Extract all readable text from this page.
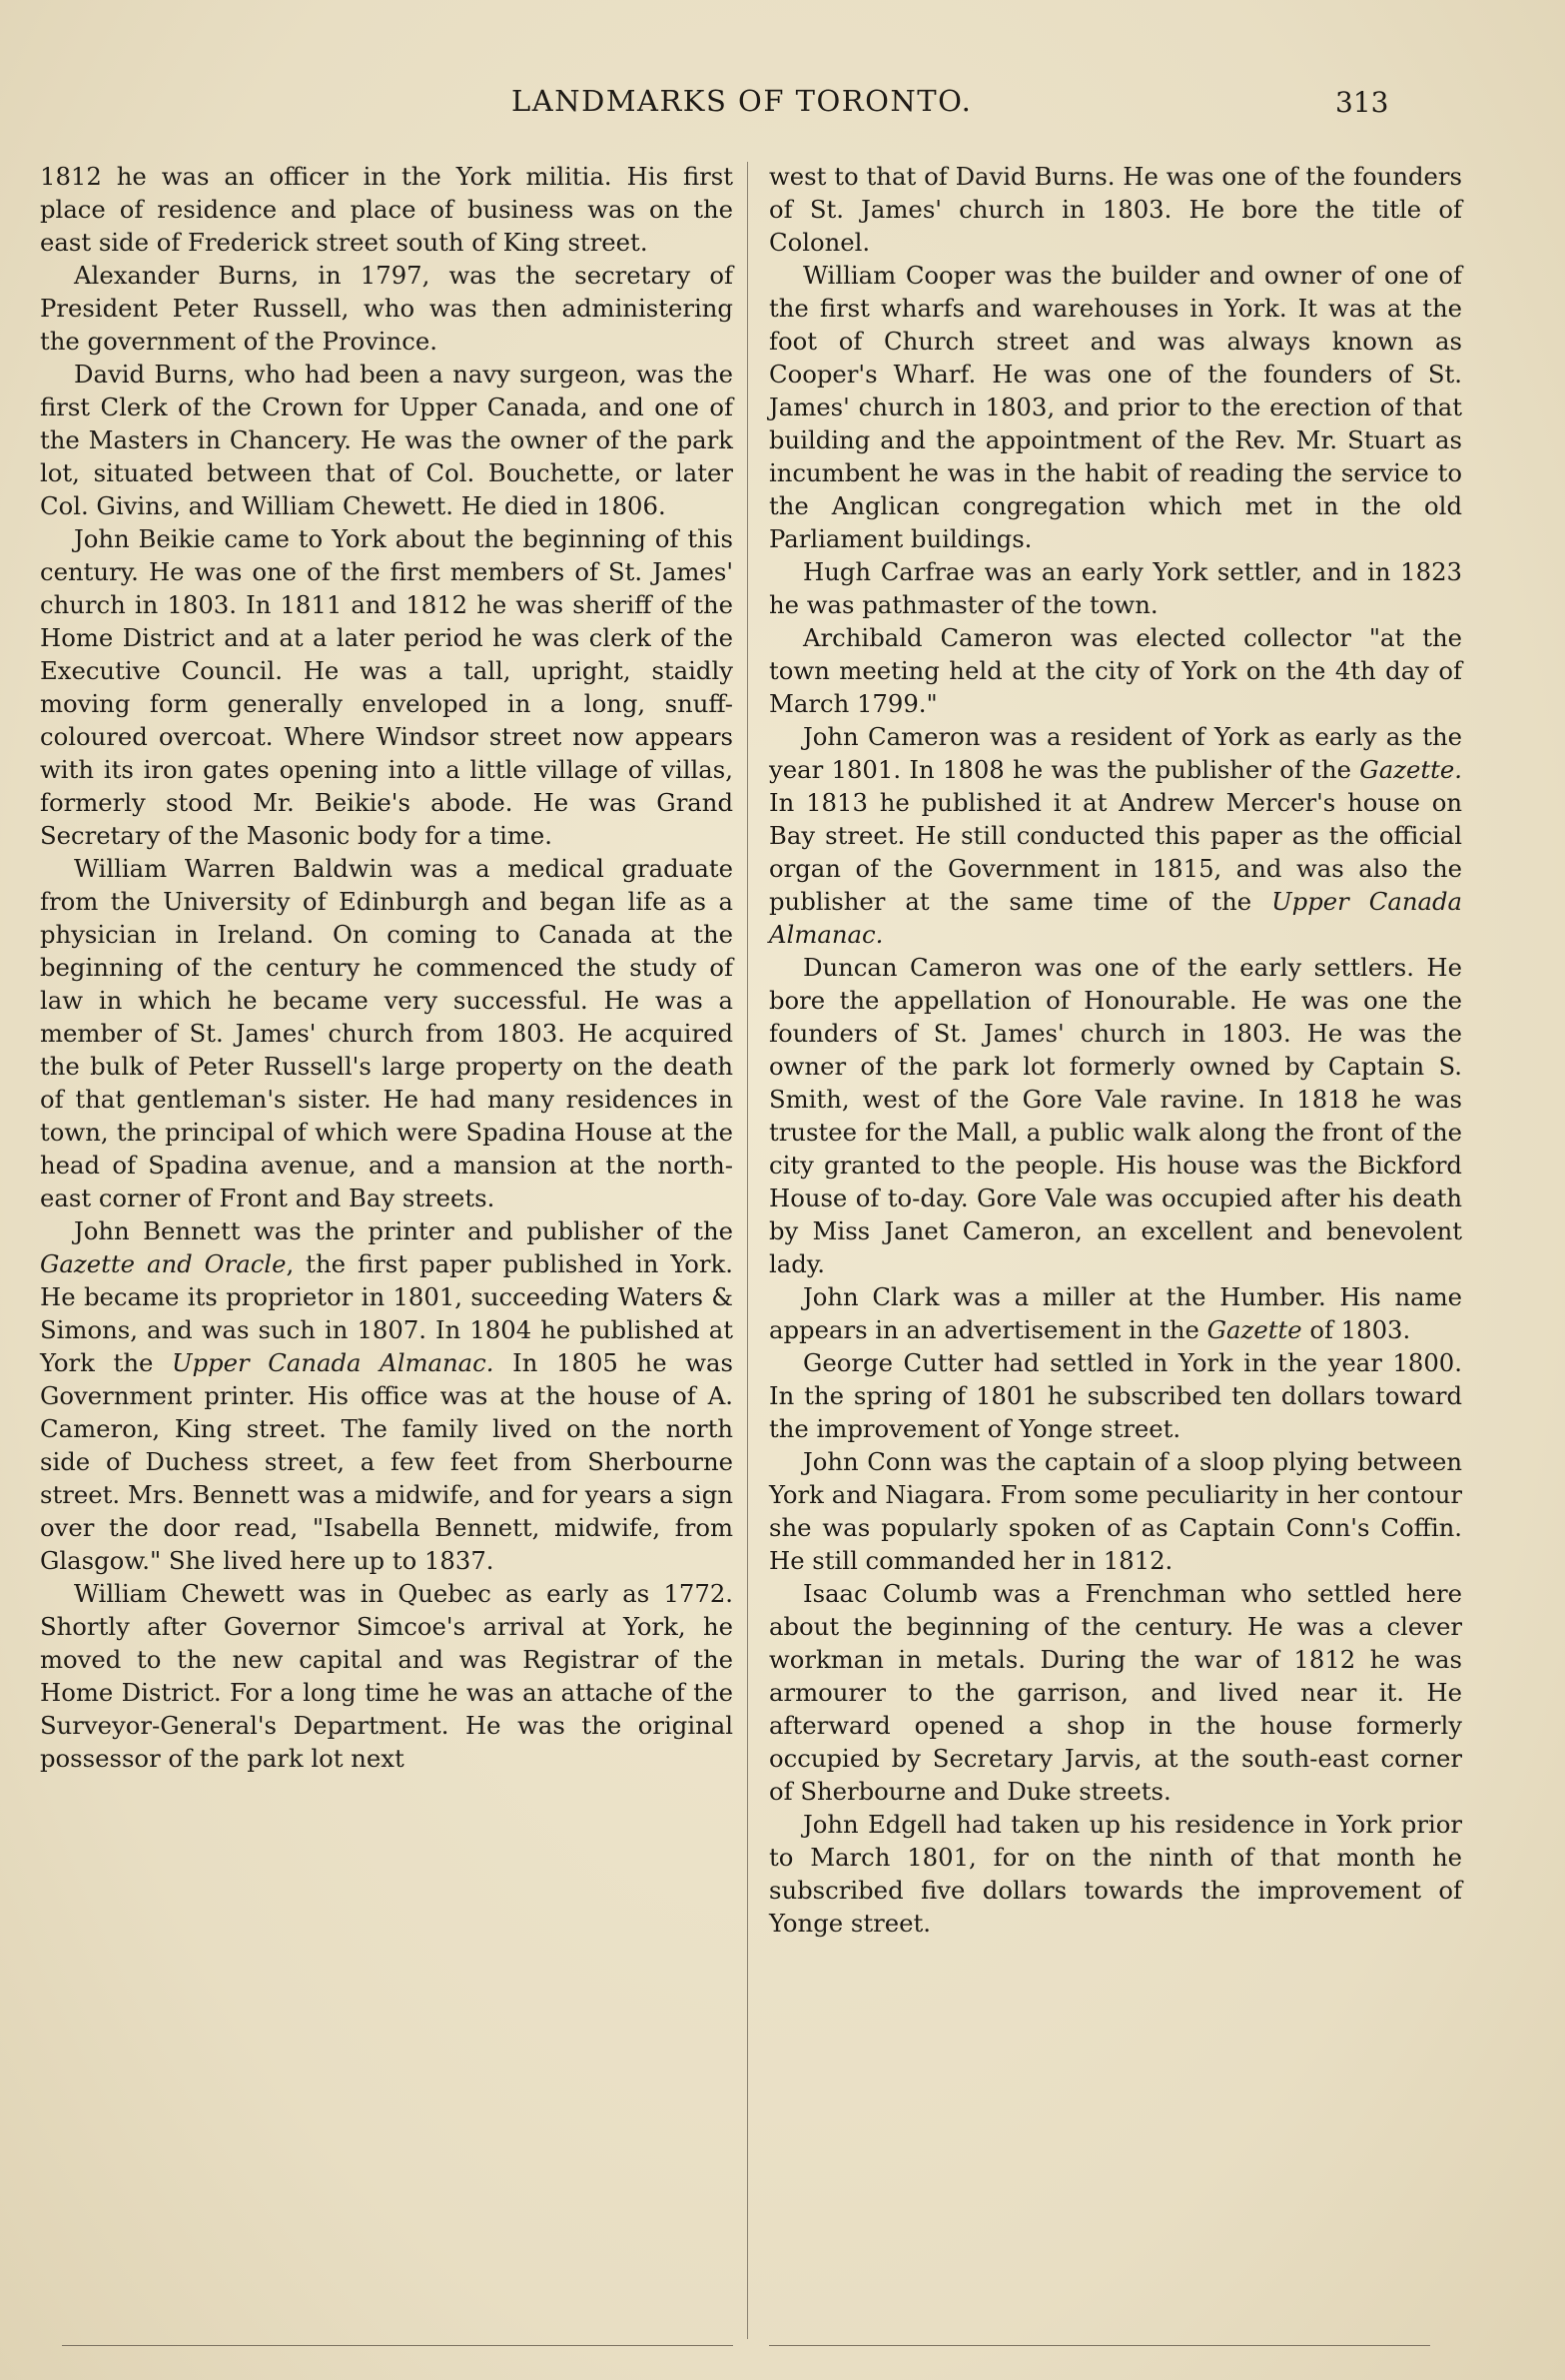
LANDMARKS OF TORONTO.	313

1812 he was an officer in the York militia. His first place of residence and place of business was on the east side of Frederick street south of King street.

Alexander Burns, in 1797, was the secretary of President Peter Russell, who was then administering the government of the Province.

David Burns, who had been a navy surgeon, was the first Clerk of the Crown for Upper Canada, and one of the Masters in Chancery. He was the owner of the park lot, situated between that of Col. Bouchette, or later Col. Givins, and William Chewett. He died in 1806.

John Beikie came to York about the beginning of this century. He was one of the first members of St. James' church in 1803. In 1811 and 1812 he was sheriff of the Home District and at a later period he was clerk of the Executive Council. He was a tall, upright, staidly moving form generally enveloped in a long, snuff-coloured overcoat. Where Windsor street now appears with its iron gates opening into a little village of villas, formerly stood Mr. Beikie's abode. He was Grand Secretary of the Masonic body for a time.

William Warren Baldwin was a medical graduate from the University of Edinburgh and began life as a physician in Ireland. On coming to Canada at the beginning of the century he commenced the study of law in which he became very successful. He was a member of St. James' church from 1803. He acquired the bulk of Peter Russell's large property on the death of that gentleman's sister. He had many residences in town, the principal of which were Spadina House at the head of Spadina avenue, and a mansion at the north-east corner of Front and Bay streets.

John Bennett was the printer and publisher of the Gazette and Oracle, the first paper published in York. He became its proprietor in 1801, succeeding Waters & Simons, and was such in 1807. In 1804 he published at York the Upper Canada Almanac. In 1805 he was Government printer. His office was at the house of A. Cameron, King street. The family lived on the north side of Duchess street, a few feet from Sherbourne street. Mrs. Bennett was a midwife, and for years a sign over the door read, "Isabella Bennett, midwife, from Glasgow." She lived here up to 1837.

William Chewett was in Quebec as early as 1772. Shortly after Governor Simcoe's arrival at York, he moved to the new capital and was Registrar of the Home District. For a long time he was an attache of the Surveyor-General's Department. He was the original possessor of the park lot next

west to that of David Burns. He was one of the founders of St. James' church in 1803. He bore the title of Colonel.

William Cooper was the builder and owner of one of the first wharfs and warehouses in York. It was at the foot of Church street and was always known as Cooper's Wharf. He was one of the founders of St. James' church in 1803, and prior to the erection of that building and the appointment of the Rev. Mr. Stuart as incumbent he was in the habit of reading the service to the Anglican congregation which met in the old Parliament buildings.

Hugh Carfrae was an early York settler, and in 1823 he was pathmaster of the town.

Archibald Cameron was elected collector "at the town meeting held at the city of York on the 4th day of March 1799."

John Cameron was a resident of York as early as the year 1801. In 1808 he was the publisher of the Gazette. In 1813 he published it at Andrew Mercer's house on Bay street. He still conducted this paper as the official organ of the Government in 1815, and was also the publisher at the same time of the Upper Canada Almanac.

Duncan Cameron was one of the early settlers. He bore the appellation of Honourable. He was one the founders of St. James' church in 1803. He was the owner of the park lot formerly owned by Captain S. Smith, west of the Gore Vale ravine. In 1818 he was trustee for the Mall, a public walk along the front of the city granted to the people. His house was the Bickford House of to-day. Gore Vale was occupied after his death by Miss Janet Cameron, an excellent and benevolent lady.

John Clark was a miller at the Humber. His name appears in an advertisement in the Gazette of 1803.

George Cutter had settled in York in the year 1800. In the spring of 1801 he subscribed ten dollars toward the improvement of Yonge street.

John Conn was the captain of a sloop plying between York and Niagara. From some peculiarity in her contour she was popularly spoken of as Captain Conn's Coffin. He still commanded her in 1812.

Isaac Columb was a Frenchman who settled here about the beginning of the century. He was a clever workman in metals. During the war of 1812 he was armourer to the garrison, and lived near it. He afterward opened a shop in the house formerly occupied by Secretary Jarvis, at the south-east corner of Sherbourne and Duke streets.

John Edgell had taken up his residence in York prior to March 1801, for on the ninth of that month he subscribed five dollars towards the improvement of Yonge street.
